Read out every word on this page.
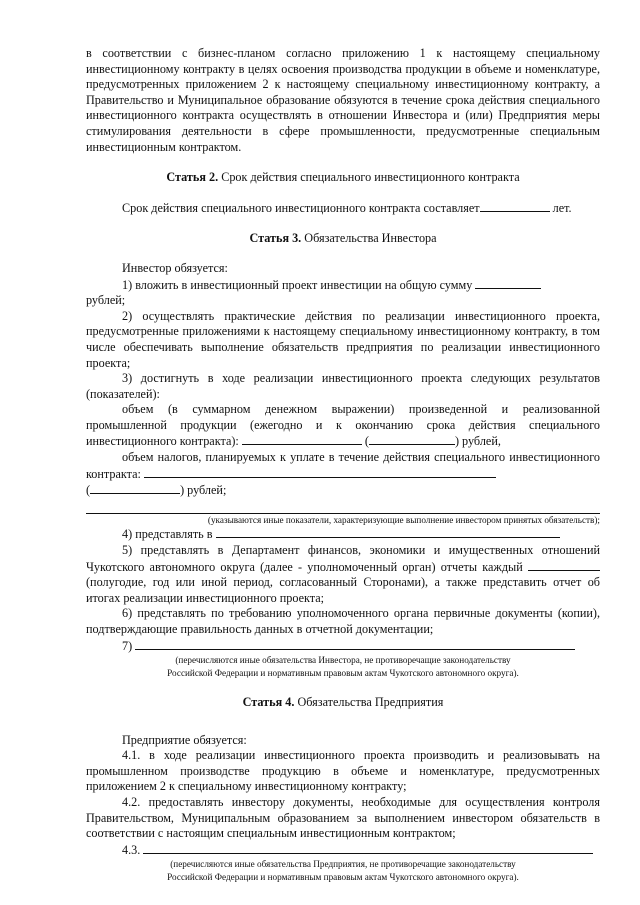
в соответствии с бизнес-планом согласно приложению 1 к настоящему специальному инвестиционному контракту в целях освоения производства продукции в объеме и номенклатуре, предусмотренных приложением 2 к настоящему специальному инвестиционному контракту, а Правительство и Муниципальное образование обязуются в течение срока действия специального инвестиционного контракта осуществлять в отношении Инвестора и (или) Предприятия меры стимулирования деятельности в сфере промышленности, предусмотренные специальным инвестиционным контрактом.

Статья 2. Срок действия специального инвестиционного контракта

Срок действия специального инвестиционного контракта составляет	лет.

Статья 3. Обязательства Инвестора

Инвестор обязуется:

1) вложить в инвестиционный проект инвестиции на общую сумму

рублей;

2) осуществлять практические действия по реализации инвестиционного проекта, предусмотренные приложениями к настоящему специальному инвестиционному контракту, в том числе обеспечивать выполнение обязательств предприятия по реализации инвестиционного проекта;

3) достигнуть в ходе реализации инвестиционного проекта следующих результатов (показателей):

объем (в суммарном денежном выражении) произведенной и реализованной промышленной продукции (ежегодно и к окончанию срока действия специального инвестиционного контракта):	(	) рублей,

объем налогов, планируемых к уплате в течение действия специального инвестиционного контракта:

(	) рублей;

(указываются иные показатели, характеризующие выполнение инвестором принятых обязательств);

4) представлять в

5) представлять в Департамент финансов, экономики и имущественных отношений Чукотского автономного округа (далее - уполномоченный орган) отчеты каждый  (полугодие, год или иной период, согласованный Сторонами), а также представить отчет об итогах реализации инвестиционного проекта;

6) представлять по требованию уполномоченного органа первичные документы (копии), подтверждающие правильность данных в отчетной документации;

7)

(перечисляются иные обязательства Инвестора, не противоречащие законодательству

Российской Федерации и нормативным правовым актам Чукотского автономного округа).

Статья 4. Обязательства Предприятия

Предприятие обязуется:

4.1. в ходе реализации инвестиционного проекта производить и реализовывать на промышленном производстве продукцию в объеме и номенклатуре, предусмотренных приложением 2 к специальному инвестиционному контракту;

4.2. предоставлять инвестору документы, необходимые для осуществления контроля Правительством, Муниципальным образованием за выполнением инвестором обязательств в соответствии с настоящим специальным инвестиционным контрактом;

4.3.

(перечисляются иные обязательства Предприятия, не противоречащие законодательству

Российской Федерации и нормативным правовым актам Чукотского автономного округа).
